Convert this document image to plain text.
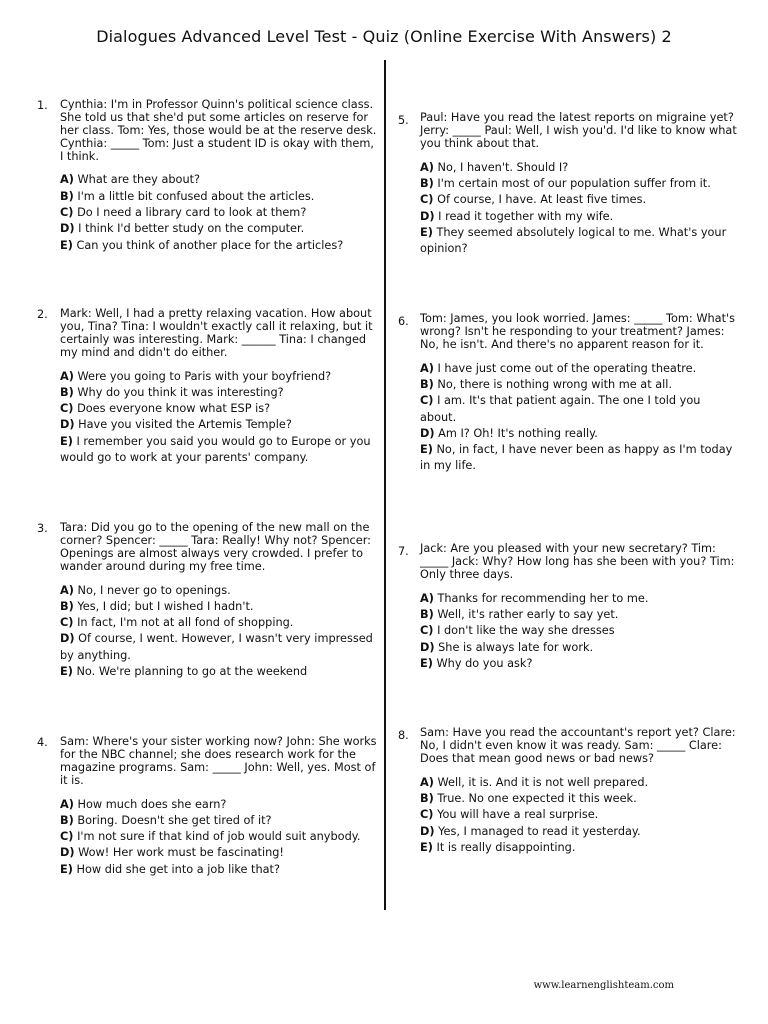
Dialogues Advanced Level Test - Quiz (Online Exercise With Answers) 2
1. Cynthia: I'm in Professor Quinn's political science class. She told us that she'd put some articles on reserve for her class. Tom: Yes, those would be at the reserve desk. Cynthia: _____ Tom: Just a student ID is okay with them, I think.

A) What are they about?

B) I'm a little bit confused about the articles.

C) Do I need a library card to look at them?

D) I think I'd better study on the computer.

E) Can you think of another place for the articles?

2. Mark: Well, I had a pretty relaxing vacation. How about you, Tina? Tina: I wouldn't exactly call it relaxing, but it certainly was interesting. Mark: ______ Tina: I changed my mind and didn't do either.

A) Were you going to Paris with your boyfriend?

B) Why do you think it was interesting?

C) Does everyone know what ESP is?

D) Have you visited the Artemis Temple?

E) I remember you said you would go to Europe or you would go to work at your parents' company.

3. Tara: Did you go to the opening of the new mall on the corner? Spencer: _____ Tara: Really! Why not? Spencer: Openings are almost always very crowded. I prefer to wander around during my free time.

A) No, I never go to openings.

B) Yes, I did; but I wished I hadn't.

C) In fact, I'm not at all fond of shopping.

D) Of course, I went. However, I wasn't very impressed by anything.

E) No. We're planning to go at the weekend

4. Sam: Where's your sister working now? John: She works for the NBC channel; she does research work for the magazine programs. Sam: _____ John: Well, yes. Most of it is.

A) How much does she earn?

B) Boring. Doesn't she get tired of it?

C) I'm not sure if that kind of job would suit anybody.

D) Wow! Her work must be fascinating!

E) How did she get into a job like that?

5. Paul: Have you read the latest reports on migraine yet? Jerry: _____ Paul: Well, I wish you'd. I'd like to know what you think about that.

A) No, I haven't. Should I?

B) I'm certain most of our population suffer from it.

C) Of course, I have. At least five times.

D) I read it together with my wife.

E) They seemed absolutely logical to me. What's your opinion?

6. Tom: James, you look worried. James: _____ Tom: What's wrong? Isn't he responding to your treatment? James: No, he isn't. And there's no apparent reason for it.

A) I have just come out of the operating theatre.

B) No, there is nothing wrong with me at all.

C) I am. It's that patient again. The one I told you about.

D) Am I? Oh! It's nothing really.

E) No, in fact, I have never been as happy as I'm today in my life.

7. Jack: Are you pleased with your new secretary? Tim: _____ Jack: Why? How long has she been with you? Tim: Only three days.

A) Thanks for recommending her to me.

B) Well, it's rather early to say yet.

C) I don't like the way she dresses

D) She is always late for work.

E) Why do you ask?

8. Sam: Have you read the accountant's report yet? Clare: No, I didn't even know it was ready. Sam: _____ Clare: Does that mean good news or bad news?

A) Well, it is. And it is not well prepared.

B) True. No one expected it this week.

C) You will have a real surprise.

D) Yes, I managed to read it yesterday.

E) It is really disappointing.

www.learnenglishteam.com
